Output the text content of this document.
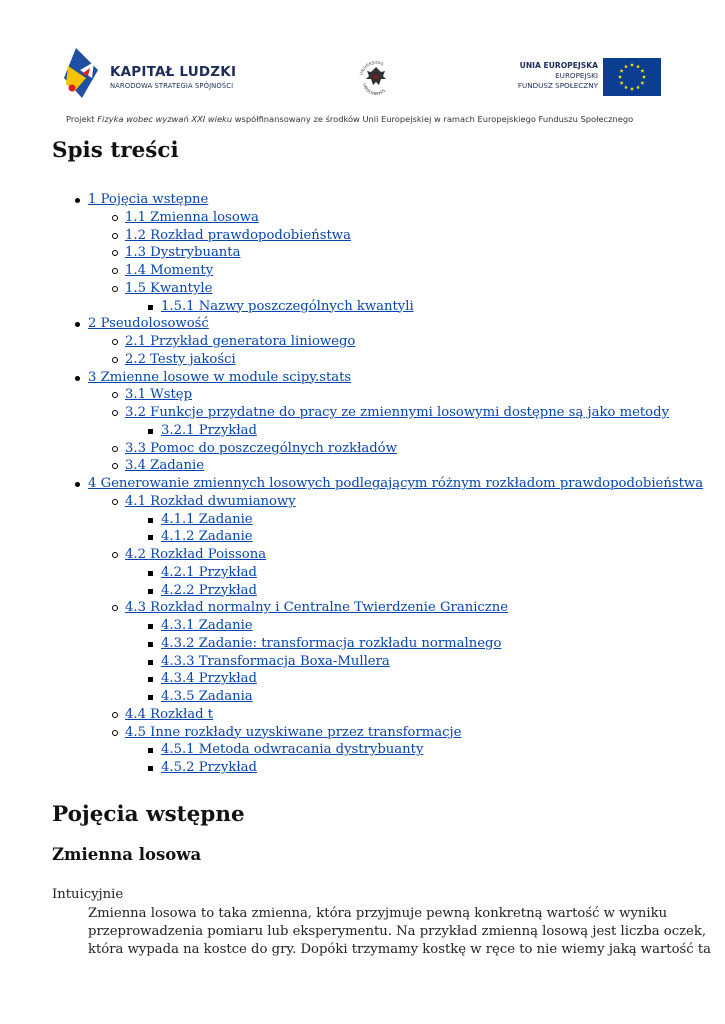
KAPITAŁ LUDZKI
NARODOWA STRATEGIA SPÓJNOŚCI
UNIVERSITAS
VARSOVIENSIS
UNIA EUROPEJSKA
EUROPEJSKI
FUNDUSZ SPOŁECZNY
Projekt Fizyka wobec wyzwań XXI wieku współfinansowany ze środków Unii Europejskiej w ramach Europejskiego Funduszu Społecznego
Spis treści
1 Pojęcia wstępne
1.1 Zmienna losowa
1.2 Rozkład prawdopodobieństwa
1.3 Dystrybuanta
1.4 Momenty
1.5 Kwantyle
1.5.1 Nazwy poszczególnych kwantyli
2 Pseudolosowość
2.1 Przykład generatora liniowego
2.2 Testy jakości
3 Zmienne losowe w module scipy.stats
3.1 Wstęp
3.2 Funkcje przydatne do pracy ze zmiennymi losowymi dostępne są jako metody
3.2.1 Przykład
3.3 Pomoc do poszczególnych rozkładów
3.4 Zadanie
4 Generowanie zmiennych losowych podlegającym różnym rozkładom prawdopodobieństwa
4.1 Rozkład dwumianowy
4.1.1 Zadanie
4.1.2 Zadanie
4.2 Rozkład Poissona
4.2.1 Przykład
4.2.2 Przykład
4.3 Rozkład normalny i Centralne Twierdzenie Graniczne
4.3.1 Zadanie
4.3.2 Zadanie: transformacja rozkładu normalnego
4.3.3 Transformacja Boxa-Mullera
4.3.4 Przykład
4.3.5 Zadania
4.4 Rozkład t
4.5 Inne rozkłady uzyskiwane przez transformacje
4.5.1 Metoda odwracania dystrybuanty
4.5.2 Przykład
Pojęcia wstępne
Zmienna losowa
Intuicyjnie
Zmienna losowa to taka zmienna, która przyjmuje pewną konkretną wartość w wyniku
przeprowadzenia pomiaru lub eksperymentu. Na przykład zmienną losową jest liczba oczek,
która wypada na kostce do gry. Dopóki trzymamy kostkę w ręce to nie wiemy jaką wartość ta
